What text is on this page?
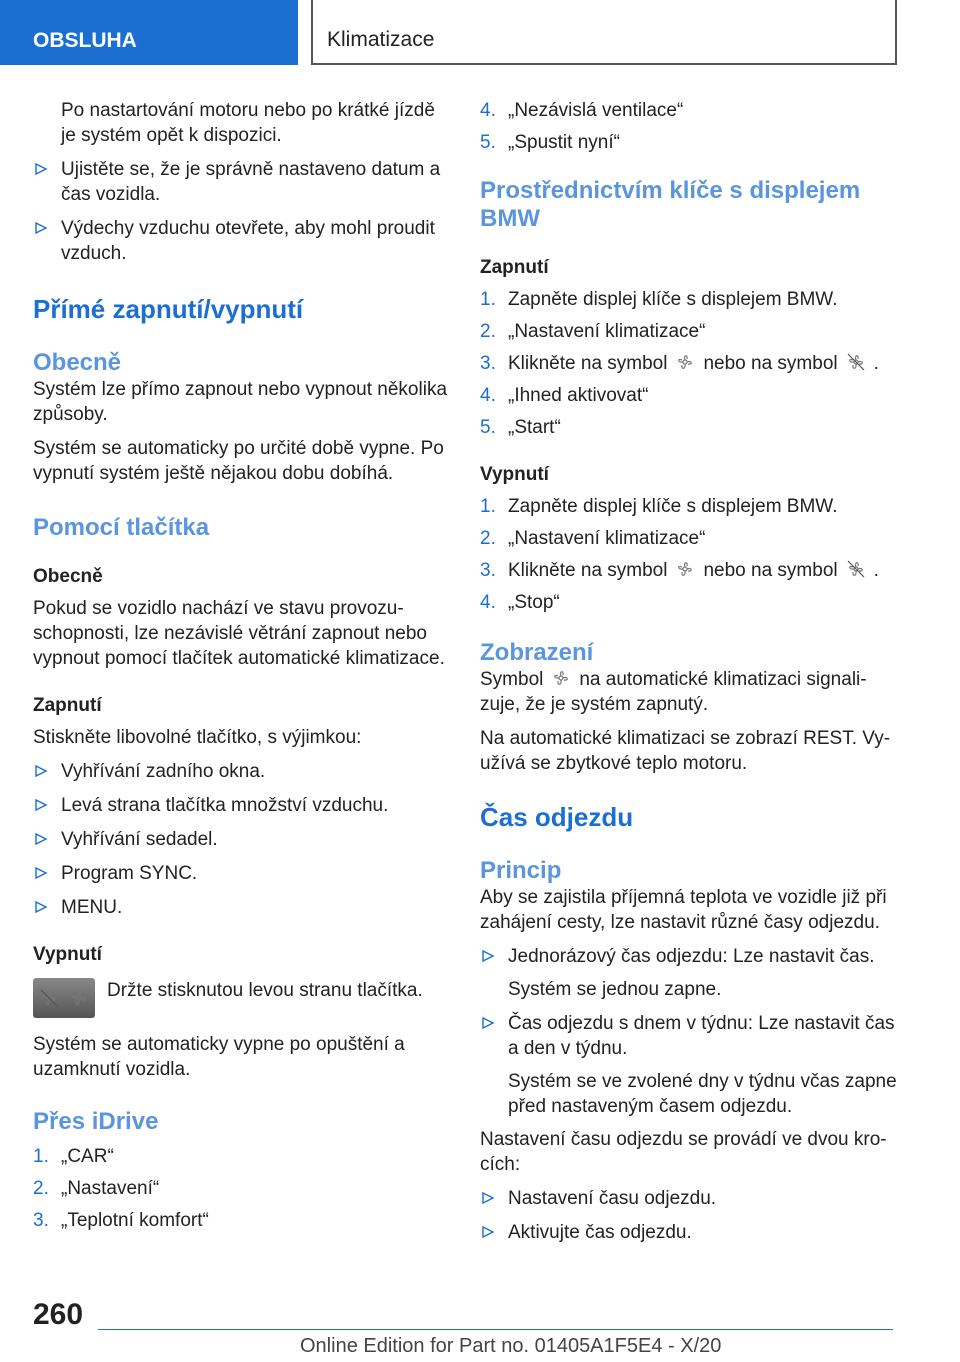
OBSLUHA	Klimatizace

Po nastartování motoru nebo po krátké jízdě je systém opět k dispozici.

Ujistěte se, že je správně nastaveno datum a čas vozidla.
Výdechy vzduchu otevřete, aby mohl proudit vzduch.
Přímé zapnutí/vypnutí
Obecně

Systém lze přímo zapnout nebo vypnout několika způsoby.

Systém se automaticky po určité době vypne. Po vypnutí systém ještě nějakou dobu dobíhá.

Pomocí tlačítka
Obecně

Pokud se vozidlo nachází ve stavu provozu-schopnosti, lze nezávislé větrání zapnout nebo vypnout pomocí tlačítek automatické klimatizace.

Zapnutí

Stiskněte libovolné tlačítko, s výjimkou:

Vyhřívání zadního okna.
Levá strana tlačítka množství vzduchu.
Vyhřívání sedadel.
Program SYNC.
MENU.
Vypnutí

Držte stisknutou levou stranu tlačítka.

Systém se automaticky vypne po opuštění a uzamknutí vozidla.

Přes iDrive
1. „CAR“
2. „Nastavení“
3. „Teplotní komfort“
4. „Nezávislá ventilace“
5. „Spustit nyní“
Prostřednictvím klíče s displejem BMW
Zapnutí
1. Zapněte displej klíče s displejem BMW.
2. „Nastavení klimatizace“
3. Klikněte na symbol nebo na symbol .
4. „Ihned aktivovat“
5. „Start“
Vypnutí
1. Zapněte displej klíče s displejem BMW.
2. „Nastavení klimatizace“
3. Klikněte na symbol nebo na symbol .
4. „Stop“
Zobrazení

Symbol na automatické klimatizaci signali-zuje, že je systém zapnutý.

Na automatické klimatizaci se zobrazí REST. Vy-užívá se zbytkové teplo motoru.

Čas odjezdu
Princip

Aby se zajistila příjemná teplota ve vozidle již při zahájení cesty, lze nastavit různé časy odjezdu.

Jednorázový čas odjezdu: Lze nastavit čas.

Systém se jednou zapne.

Čas odjezdu s dnem v týdnu: Lze nastavit čas a den v týdnu.

Systém se ve zvolené dny v týdnu včas zapne před nastaveným časem odjezdu.

Nastavení času odjezdu se provádí ve dvou kro-cích:

Nastavení času odjezdu.
Aktivujte čas odjezdu.
260
Online Edition for Part no. 01405A1F5E4 - X/20
